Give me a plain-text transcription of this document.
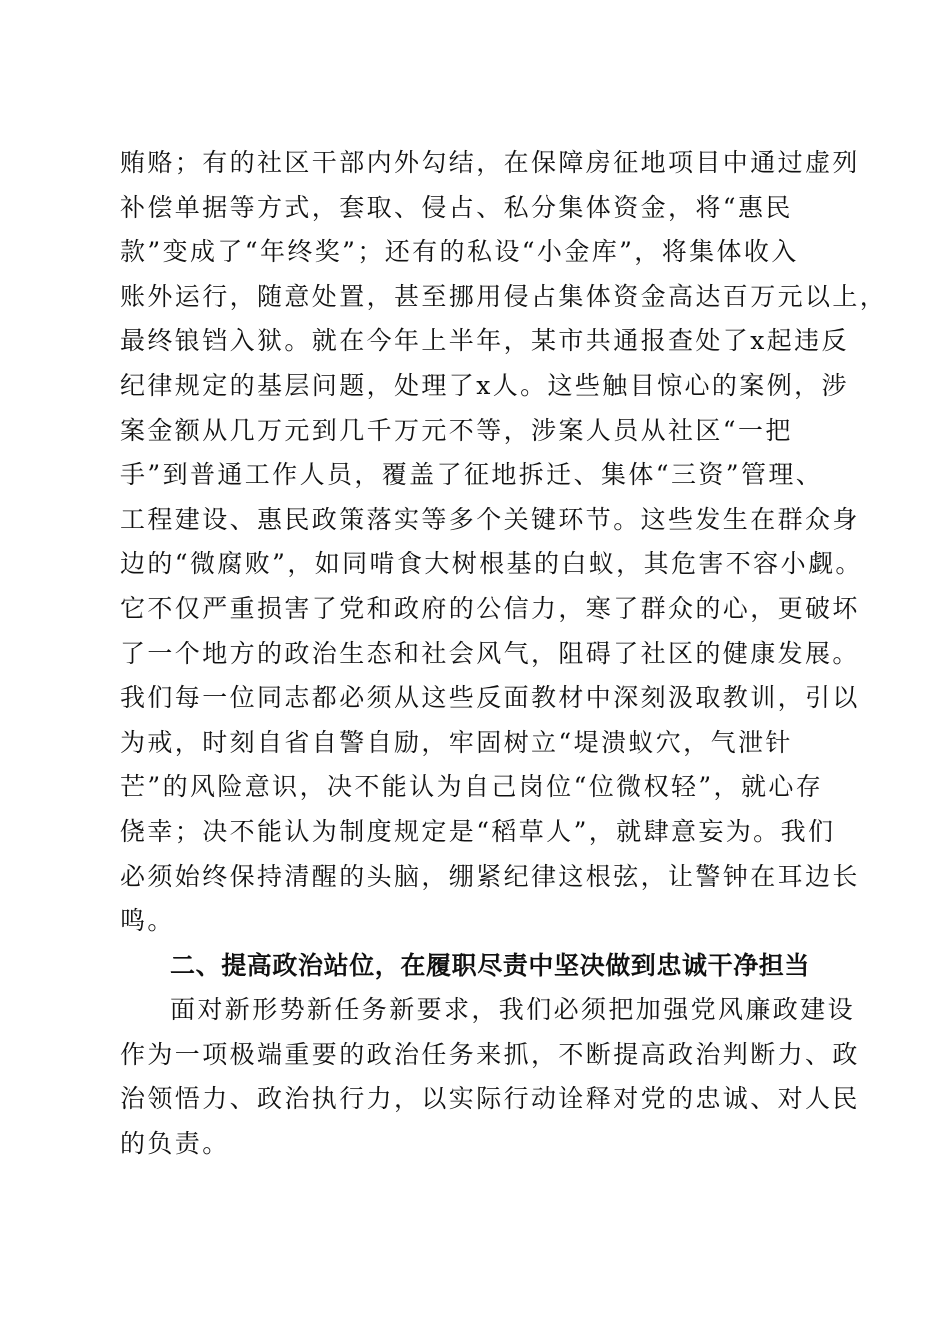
贿赂；有的社区干部内外勾结，在保障房征地项目中通过虚列
补偿单据等方式，套取、侵占、私分集体资金，将“惠民
款”变成了“年终奖”；还有的私设“小金库”，将集体收入
账外运行，随意处置，甚至挪用侵占集体资金高达百万元以上，
最终锒铛入狱。就在今年上半年，某市共通报查处了x起违反
纪律规定的基层问题，处理了x人。这些触目惊心的案例，涉
案金额从几万元到几千万元不等，涉案人员从社区“一把
手”到普通工作人员，覆盖了征地拆迁、集体“三资”管理、
工程建设、惠民政策落实等多个关键环节。这些发生在群众身
边的“微腐败”，如同啃食大树根基的白蚁，其危害不容小觑。
它不仅严重损害了党和政府的公信力，寒了群众的心，更破坏
了一个地方的政治生态和社会风气，阻碍了社区的健康发展。
我们每一位同志都必须从这些反面教材中深刻汲取教训，引以
为戒，时刻自省自警自励，牢固树立“堤溃蚁穴，气泄针
芒”的风险意识，决不能认为自己岗位“位微权轻”，就心存
侥幸；决不能认为制度规定是“稻草人”，就肆意妄为。我们
必须始终保持清醒的头脑，绷紧纪律这根弦，让警钟在耳边长
鸣。
二、提高政治站位，在履职尽责中坚决做到忠诚干净担当
面对新形势新任务新要求，我们必须把加强党风廉政建设
作为一项极端重要的政治任务来抓，不断提高政治判断力、政
治领悟力、政治执行力，以实际行动诠释对党的忠诚、对人民
的负责。
